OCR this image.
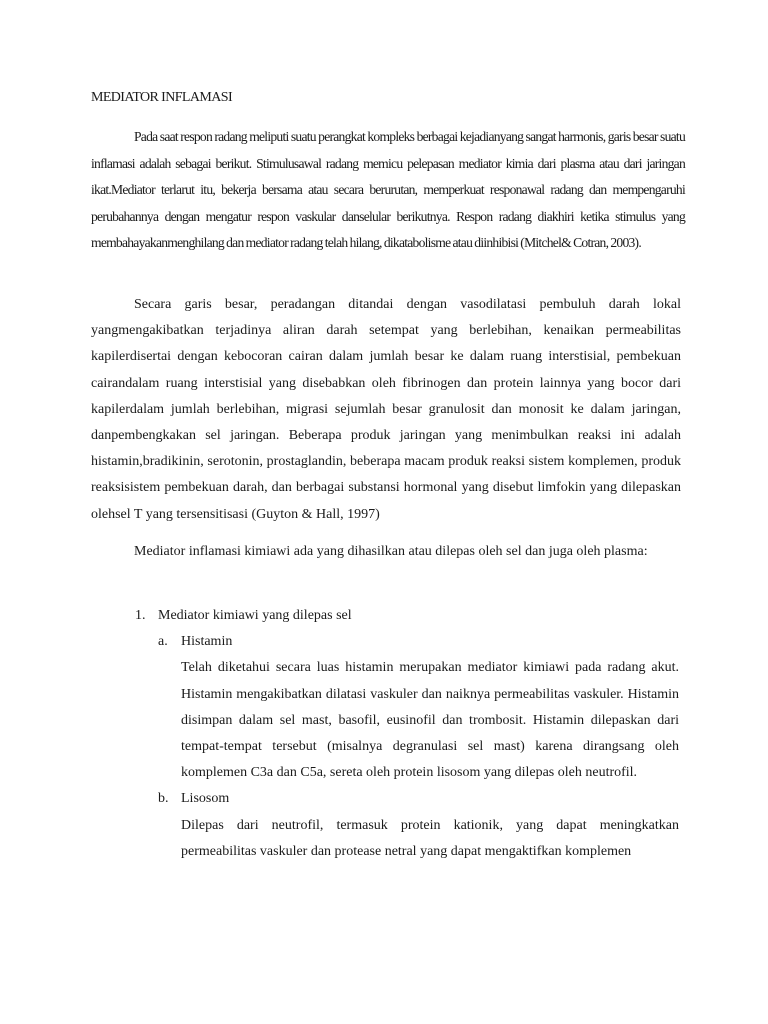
MEDIATOR INFLAMASI

Pada saat respon radang meliputi suatu perangkat kompleks berbagai kejadianyang sangat harmonis, garis besar suatu inflamasi adalah sebagai berikut. Stimulusawal radang memicu pelepasan mediator kimia dari plasma atau dari jaringan ikat.Mediator terlarut itu, bekerja bersama atau secara berurutan, memperkuat responawal radang dan mempengaruhi perubahannya dengan mengatur respon vaskular danselular berikutnya. Respon radang diakhiri ketika stimulus yang membahayakanmenghilang dan mediator radang telah hilang, dikatabolisme atau diinhibisi (Mitchel& Cotran, 2003).

Secara garis besar, peradangan ditandai dengan vasodilatasi pembuluh darah lokal yangmengakibatkan terjadinya aliran darah setempat yang berlebihan, kenaikan permeabilitas kapilerdisertai dengan kebocoran cairan dalam jumlah besar ke dalam ruang interstisial, pembekuan cairandalam ruang interstisial yang disebabkan oleh fibrinogen dan protein lainnya yang bocor dari kapilerdalam jumlah berlebihan, migrasi sejumlah besar granulosit dan monosit ke dalam jaringan, danpembengkakan sel jaringan. Beberapa produk jaringan yang menimbulkan reaksi ini adalah histamin,bradikinin, serotonin, prostaglandin, beberapa macam produk reaksi sistem komplemen, produk reaksisistem pembekuan darah, dan berbagai substansi hormonal yang disebut limfokin yang dilepaskan olehsel T yang tersensitisasi (Guyton & Hall, 1997)

Mediator inflamasi kimiawi ada yang dihasilkan atau dilepas oleh sel dan juga oleh plasma:

1. Mediator kimiawi yang dilepas sel
a. Histamin

Telah diketahui secara luas histamin merupakan mediator kimiawi pada radang akut. Histamin mengakibatkan dilatasi vaskuler dan naiknya permeabilitas vaskuler. Histamin disimpan dalam sel mast, basofil, eusinofil dan trombosit. Histamin dilepaskan dari tempat-tempat tersebut (misalnya degranulasi sel mast) karena dirangsang oleh komplemen C3a dan C5a, sereta oleh protein lisosom yang dilepas oleh neutrofil.

b. Lisosom

Dilepas dari neutrofil, termasuk protein kationik, yang dapat meningkatkan permeabilitas vaskuler dan protease netral yang dapat mengaktifkan komplemen
